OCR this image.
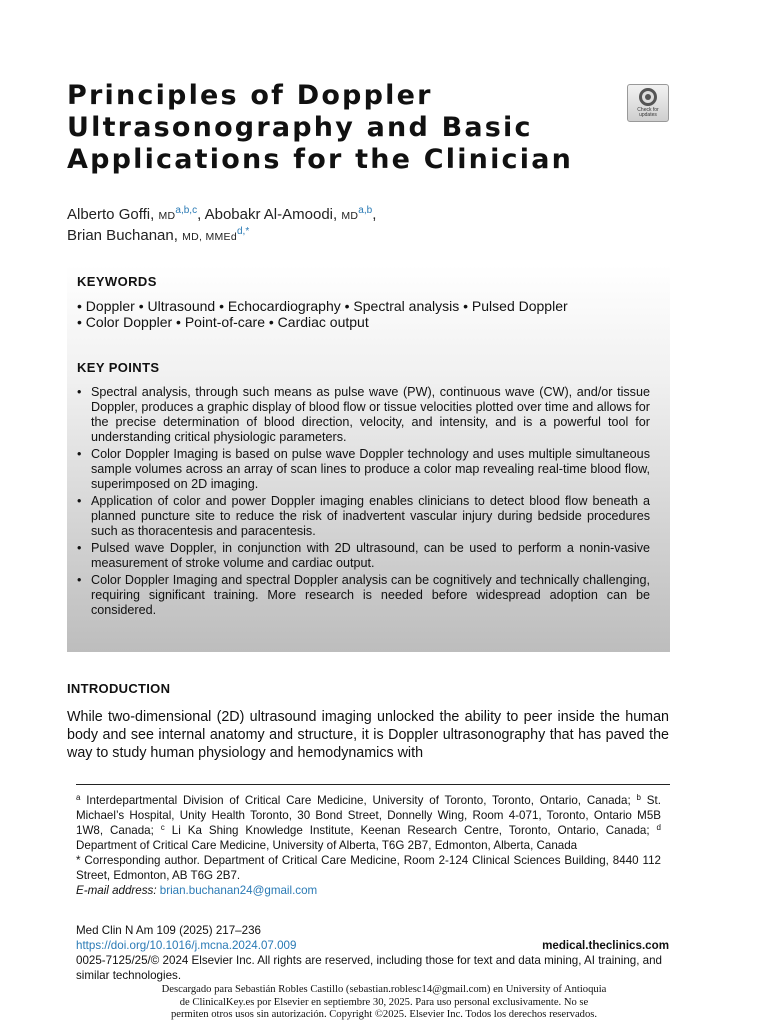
Principles of Doppler Ultrasonography and Basic Applications for the Clinician
Check for updates
Alberto Goffi, MD$^{a,b,c}$, Abobakr Al-Amoodi, MD$^{a,b}$,
Brian Buchanan, MD, MMEd$^{d,*}$
KEYWORDS
• Doppler • Ultrasound • Echocardiography • Spectral analysis • Pulsed Doppler
• Color Doppler • Point-of-care • Cardiac output
KEY POINTS
• Spectral analysis, through such means as pulse wave (PW), continuous wave (CW), and/or tissue Doppler, produces a graphic display of blood flow or tissue velocities plotted over time and allows for the precise determination of blood direction, velocity, and intensity, and is a powerful tool for understanding critical physiologic parameters.
• Color Doppler Imaging is based on pulse wave Doppler technology and uses multiple simultaneous sample volumes across an array of scan lines to produce a color map revealing real-time blood flow, superimposed on 2D imaging.
• Application of color and power Doppler imaging enables clinicians to detect blood flow beneath a planned puncture site to reduce the risk of inadvertent vascular injury during bedside procedures such as thoracentesis and paracentesis.
• Pulsed wave Doppler, in conjunction with 2D ultrasound, can be used to perform a nonin-vasive measurement of stroke volume and cardiac output.
• Color Doppler Imaging and spectral Doppler analysis can be cognitively and technically challenging, requiring significant training. More research is needed before widespread adoption can be considered.
INTRODUCTION
While two-dimensional (2D) ultrasound imaging unlocked the ability to peer inside the human body and see internal anatomy and structure, it is Doppler ultrasonography that has paved the way to study human physiology and hemodynamics with
$^a$ Interdepartmental Division of Critical Care Medicine, University of Toronto, Toronto, Ontario, Canada; $^b$ St. Michael’s Hospital, Unity Health Toronto, 30 Bond Street, Donnelly Wing, Room 4-071, Toronto, Ontario M5B 1W8, Canada; $^c$ Li Ka Shing Knowledge Institute, Keenan Research Centre, Toronto, Ontario, Canada; $^d$ Department of Critical Care Medicine, University of Alberta, T6G 2B7, Edmonton, Alberta, Canada
* Corresponding author. Department of Critical Care Medicine, Room 2-124 Clinical Sciences Building, 8440 112 Street, Edmonton, AB T6G 2B7.
E-mail address: brian.buchanan24@gmail.com
Med Clin N Am 109 (2025) 217–236
https://doi.org/10.1016/j.mcna.2024.07.009	medical.theclinics.com
0025-7125/25/© 2024 Elsevier Inc. All rights are reserved, including those for text and data mining, AI training, and similar technologies.
Descargado para Sebastián Robles Castillo (sebastian.roblesc14@gmail.com) en University of Antioquia
de ClinicalKey.es por Elsevier en septiembre 30, 2025. Para uso personal exclusivamente. No se
permiten otros usos sin autorización. Copyright ©2025. Elsevier Inc. Todos los derechos reservados.
